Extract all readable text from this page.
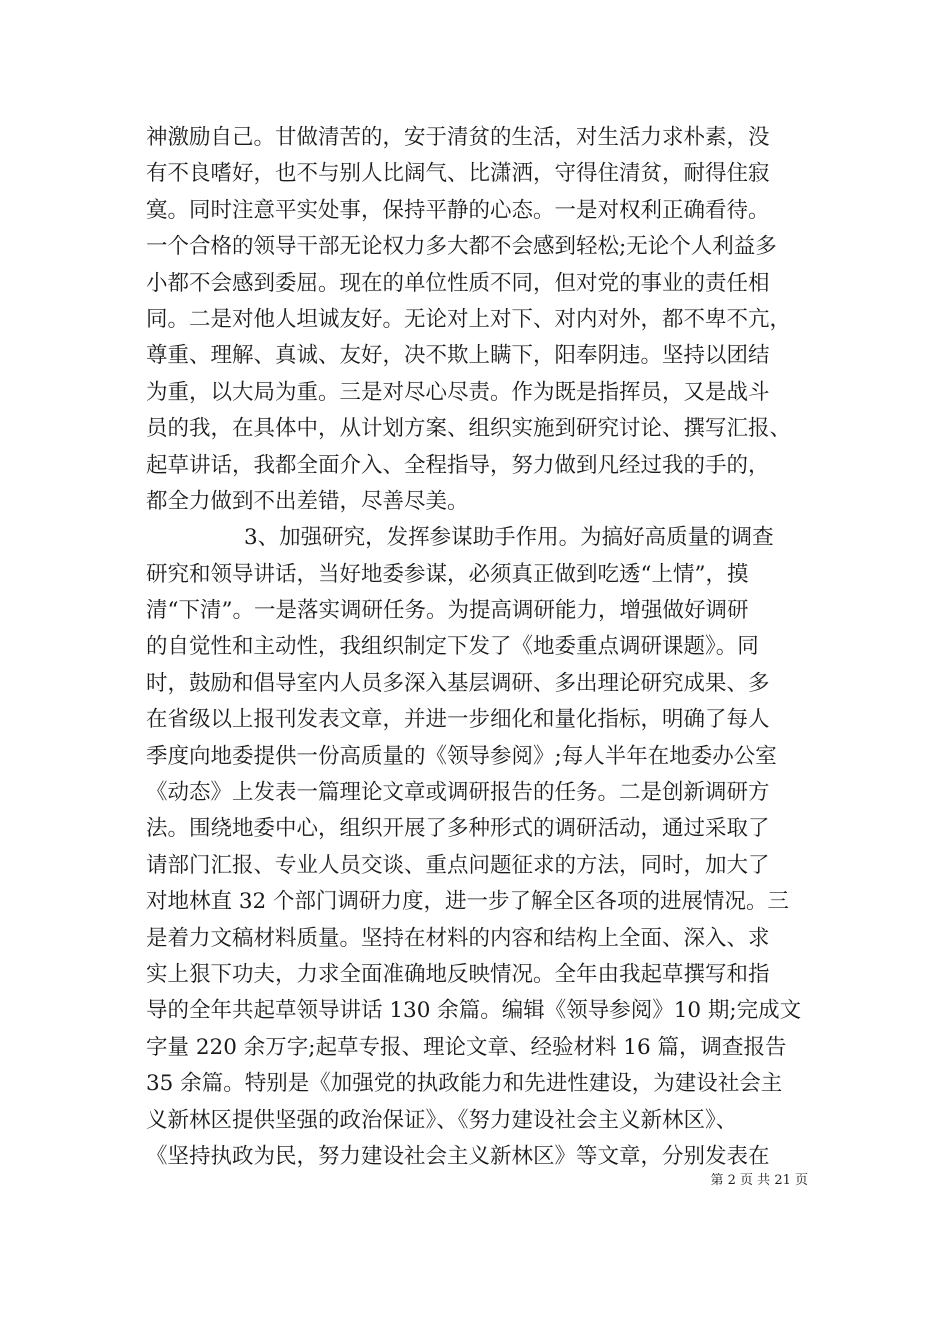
神激励自己。甘做清苦的，安于清贫的生活，对生活力求朴素，没
有不良嗜好，也不与别人比阔气、比潇洒，守得住清贫，耐得住寂
寞。同时注意平实处事，保持平静的心态。一是对权利正确看待。
一个合格的领导干部无论权力多大都不会感到轻松;无论个人利益多
小都不会感到委屈。现在的单位性质不同，但对党的事业的责任相
同。二是对他人坦诚友好。无论对上对下、对内对外，都不卑不亢，
尊重、理解、真诚、友好，决不欺上瞒下，阳奉阴违。坚持以团结
为重，以大局为重。三是对尽心尽责。作为既是指挥员，又是战斗
员的我，在具体中，从计划方案、组织实施到研究讨论、撰写汇报、
起草讲话，我都全面介入、全程指导，努力做到凡经过我的手的，
都全力做到不出差错，尽善尽美。
3、加强研究，发挥参谋助手作用。为搞好高质量的调查
研究和领导讲话，当好地委参谋，必须真正做到吃透“上情”，摸
清“下清”。一是落实调研任务。为提高调研能力，增强做好调研
的自觉性和主动性，我组织制定下发了《地委重点调研课题》。同
时，鼓励和倡导室内人员多深入基层调研、多出理论研究成果、多
在省级以上报刊发表文章，并进一步细化和量化指标，明确了每人
季度向地委提供一份高质量的《领导参阅》;每人半年在地委办公室
《动态》上发表一篇理论文章或调研报告的任务。二是创新调研方
法。围绕地委中心，组织开展了多种形式的调研活动，通过采取了
请部门汇报、专业人员交谈、重点问题征求的方法，同时，加大了
对地林直 32 个部门调研力度，进一步了解全区各项的进展情况。三
是着力文稿材料质量。坚持在材料的内容和结构上全面、深入、求
实上狠下功夫，力求全面准确地反映情况。全年由我起草撰写和指
导的全年共起草领导讲话 130 余篇。编辑《领导参阅》10 期;完成文
字量 220 余万字;起草专报、理论文章、经验材料 16 篇，调查报告
35 余篇。特别是《加强党的执政能力和先进性建设，为建设社会主
义新林区提供坚强的政治保证》、《努力建设社会主义新林区》、
《坚持执政为民，努力建设社会主义新林区》等文章，分别发表在
第 2 页 共 21 页
